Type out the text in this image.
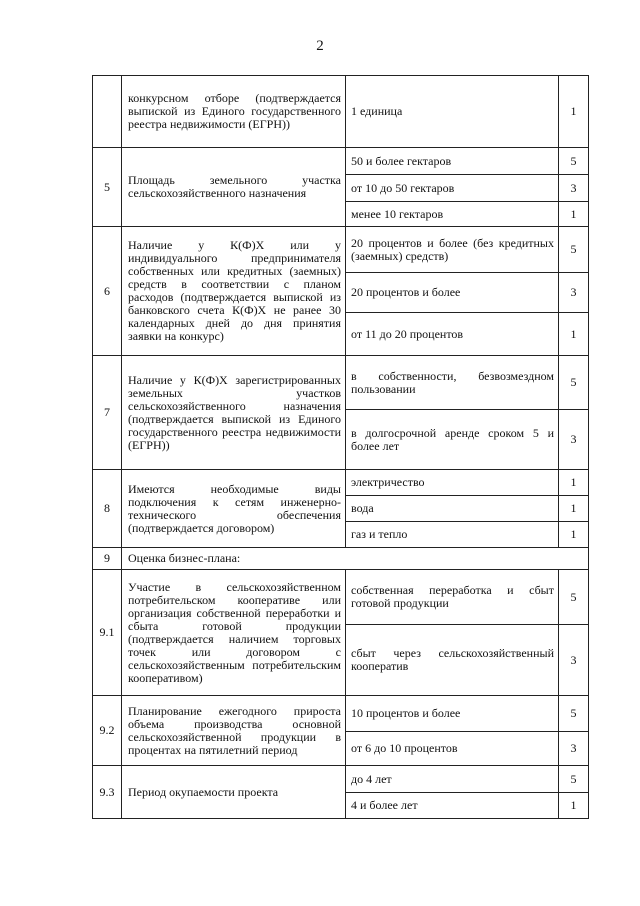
2
	конкурсном отборе (подтверждается выпиской из Единого государственного реестра недвижимости (ЕГРН))	1 единица	1
5	Площадь земельного участка сельскохозяйственного назначения	50 и более гектаров	5
		от 10 до 50 гектаров	3
		менее 10 гектаров	1
6	Наличие у К(Ф)Х или у индивидуального предпринимателя собственных или кредитных (заемных) средств в соответствии с планом расходов (подтверждается выпиской из банковского счета К(Ф)Х не ранее 30 календарных дней до дня принятия заявки на конкурс)	20 процентов и более (без кредитных (заемных) средств)	5
		20 процентов и более	3
		от 11 до 20 процентов	1
7	Наличие у К(Ф)Х зарегистрированных земельных участков сельскохозяйственного назначения (подтверждается выпиской из Единого государственного реестра недвижимости (ЕГРН))	в собственности, безвозмездном пользовании	5
		в долгосрочной аренде сроком 5 и более лет	3
8	Имеются необходимые виды подключения к сетям инженерно-технического обеспечения (подтверждается договором)	электричество	1
		вода	1
		газ и тепло	1
9	Оценка бизнес-плана:		
9.1	Участие в сельскохозяйственном потребительском кооперативе или организация собственной переработки и сбыта готовой продукции (подтверждается наличием торговых точек или договором с сельскохозяйственным потребительским кооперативом)	собственная переработка и сбыт готовой продукции	5
		сбыт через сельскохозяйственный кооператив	3
9.2	Планирование ежегодного прироста объема производства основной сельскохозяйственной продукции в процентах на пятилетний период	10 процентов и более	5
		от 6 до 10 процентов	3
9.3	Период окупаемости проекта	до 4 лет	5
		4 и более лет	1
